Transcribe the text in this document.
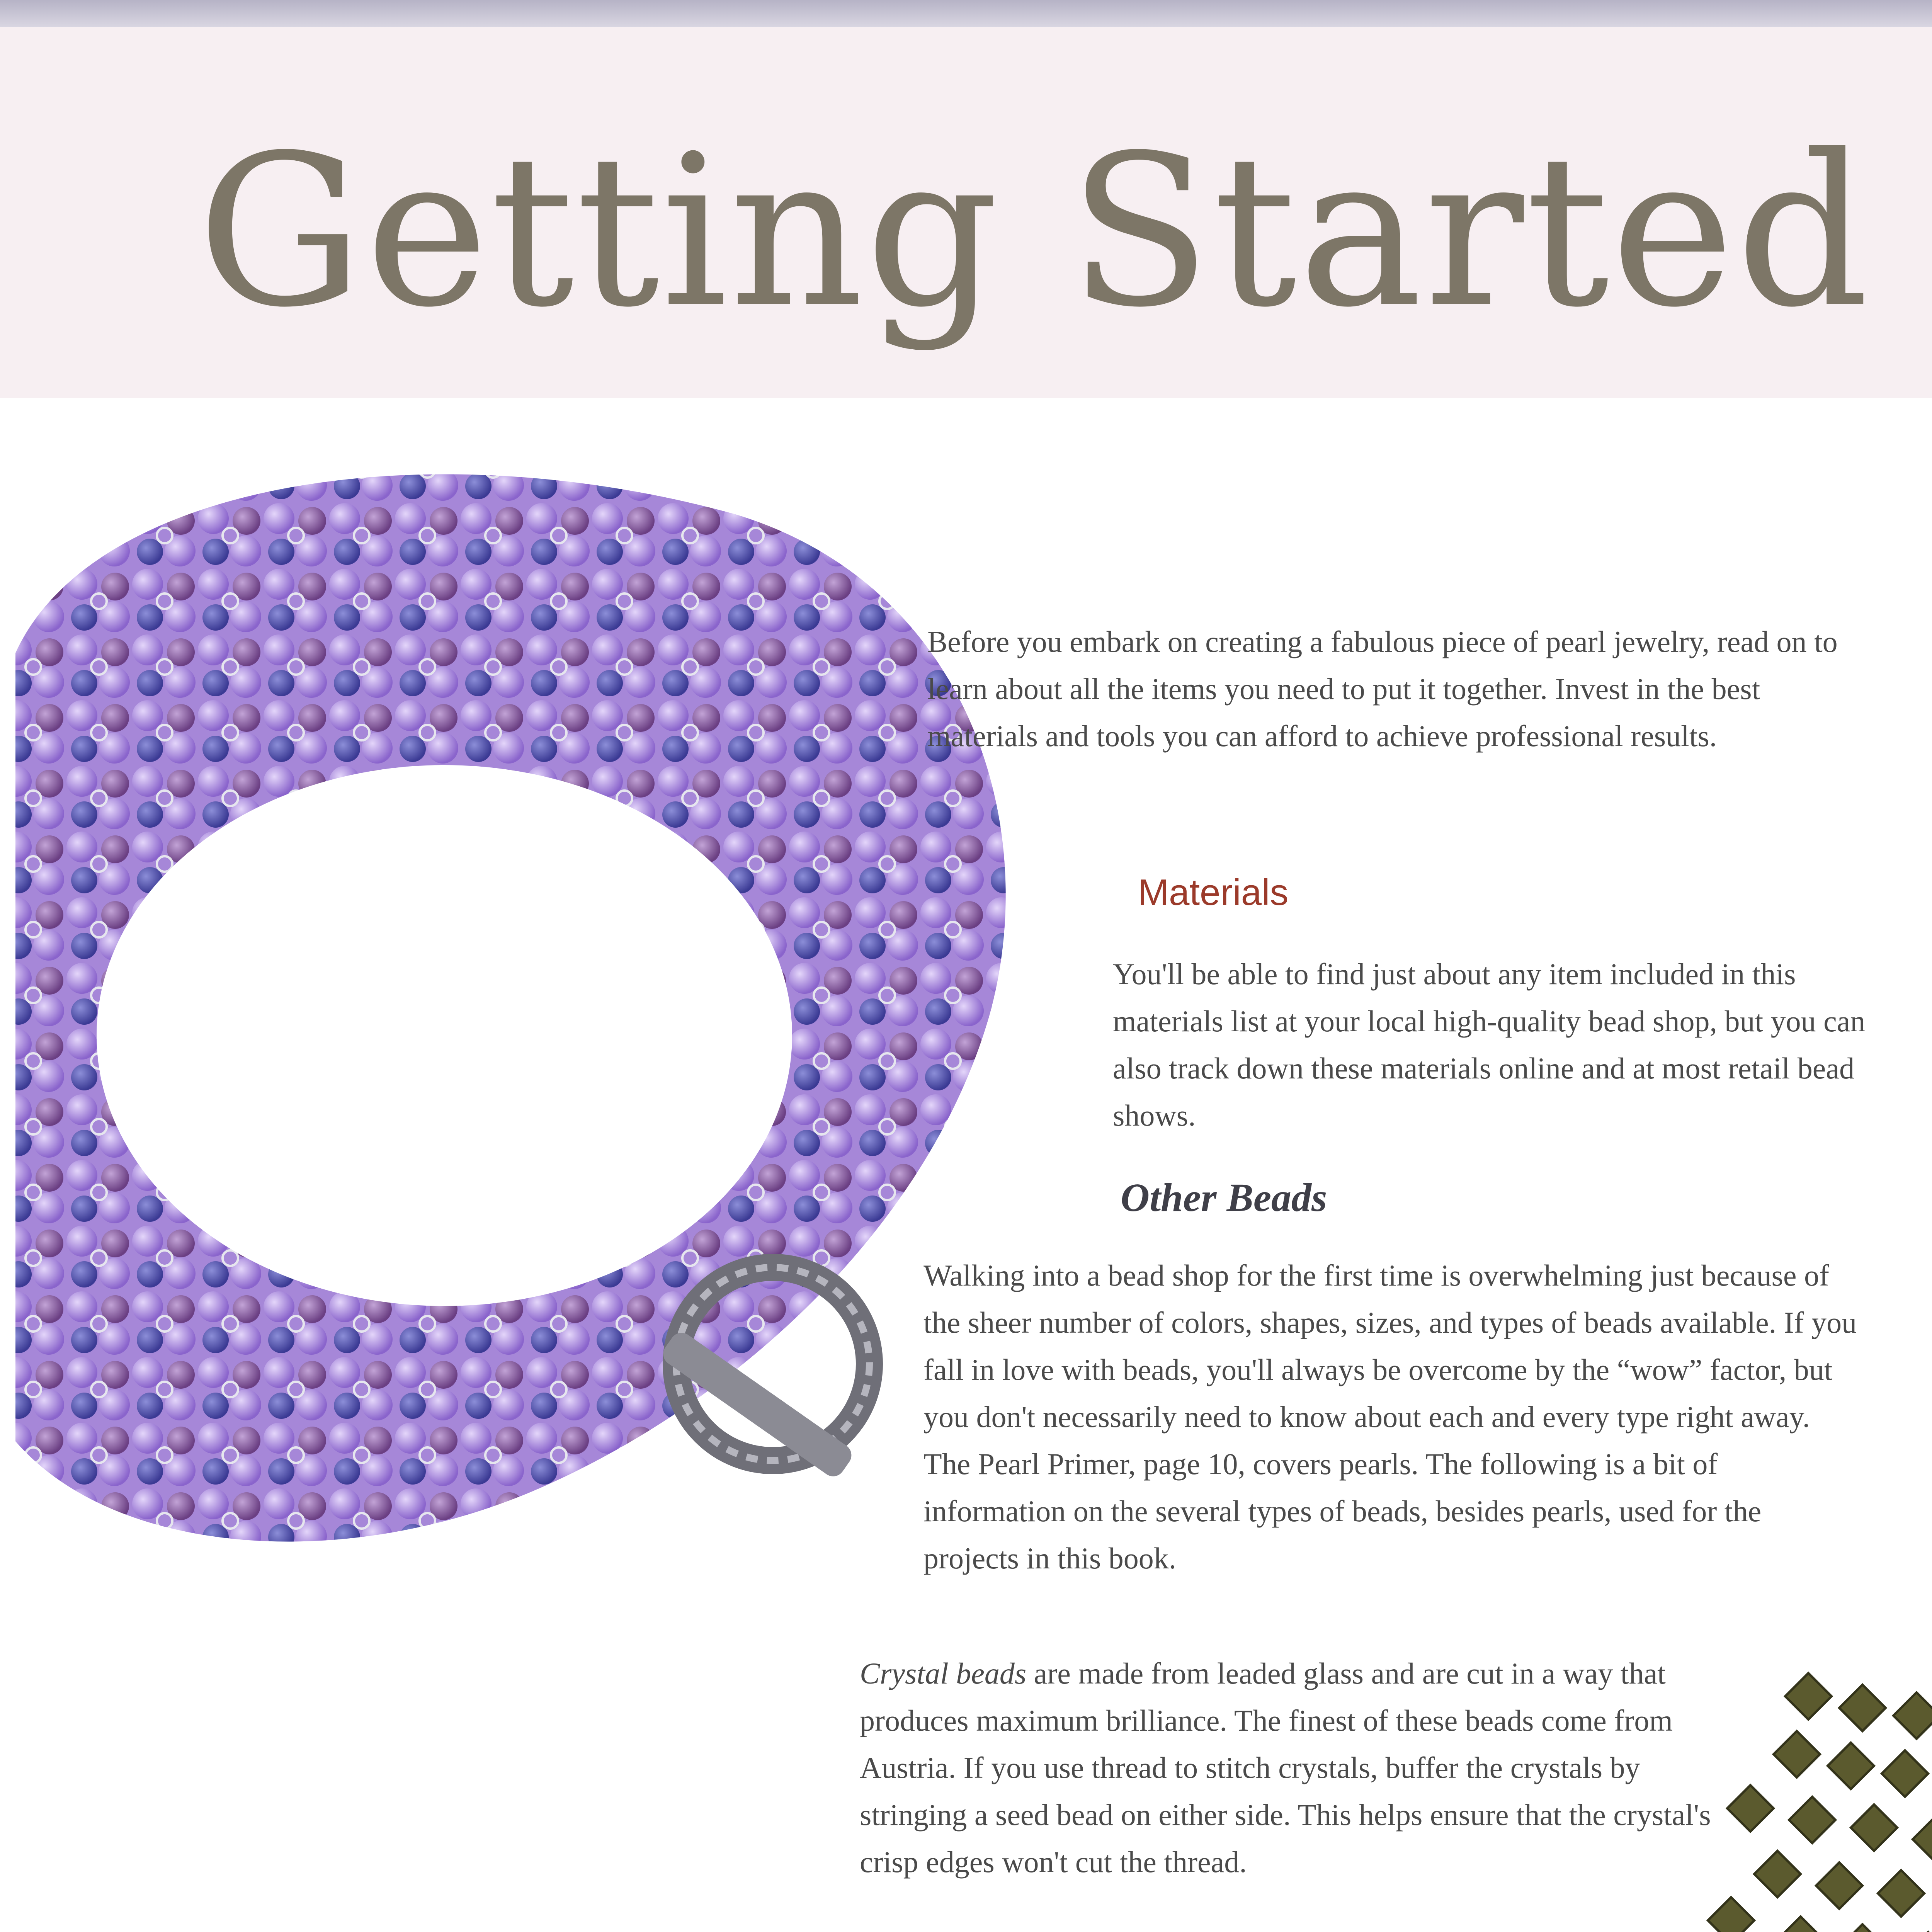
Getting Started

Before you embark on creating a fabulous piece of pearl jewelry, read on to learn about all the items you need to put it together. Invest in the best materials and tools you can afford to achieve professional results.

Materials

You'll be able to find just about any item included in this materials list at your local high-quality bead shop, but you can also track down these materials online and at most retail bead shows.

Other Beads

Walking into a bead shop for the first time is overwhelming just because of the sheer number of colors, shapes, sizes, and types of beads available. If you fall in love with beads, you'll always be overcome by the “wow” factor, but you don't necessarily need to know about each and every type right away. The Pearl Primer, page 10, covers pearls. The following is a bit of information on the several types of beads, besides pearls, used for the projects in this book.

Crystal beads are made from leaded glass and are cut in a way that produces maximum brilliance. The finest of these beads come from Austria. If you use thread to stitch crystals, buffer the crystals by stringing a seed bead on either side. This helps ensure that the crystal's crisp edges won't cut the thread.
